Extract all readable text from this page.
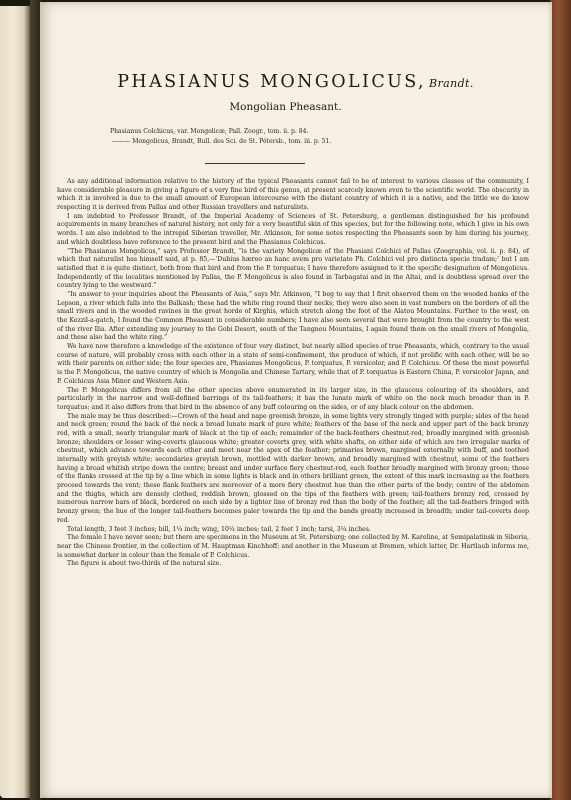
PHASIANUS MONGOLICUS, Brandt.
Mongolian Pheasant.
Phasianus Colchicus, var. Mongolicæ, Pall. Zoogr., tom. ii. p. 84.
——— Mongolicus, Brandt, Bull. des Sci. de St. Pétersb., tom. iii. p. 51.

As any additional information relative to the history of the typical Pheasants cannot fail to be of interest to various classes of the community, I have considerable pleasure in giving a figure of a very fine bird of this genus, at present scarcely known even to the scientific world. The obscurity in which it is involved is due to the small amount of European intercourse with the distant country of which it is a native, and the little we do know respecting it is derived from Pallas and other Russian travellers and naturalists.

I am indebted to Professor Brandt, of the Imperial Academy of Sciences of St. Petersburg, a gentleman distinguished for his profound acquirements in many branches of natural history, not only for a very beautiful skin of this species, but for the following note, which I give in his own words. I am also indebted to the intrepid Siberian traveller, Mr. Atkinson, for some notes respecting the Pheasants seen by him during his journey, and which doubtless have reference to the present bird and the Phasianus Colchicus.

“The Phasianus Mongolicus,” says Professor Brandt, “is the variety Mongolicæ of the Phasiani Colchici of Pallas (Zoographia, vol. ii. p. 84), of which that naturalist has himself said, at p. 85,—‘Dubius hæreo an hanc avem pro varietate Ph. Colchici vel pro distincta specie tradam;’ but I am satisfied that it is quite distinct, both from that bird and from the P. torquatus; I have therefore assigned to it the specific designation of Mongolicus. Independently of the localities mentioned by Pallas, the P. Mongolicus is also found in Tarbagatai and in the Altai, and is doubtless spread over the country lying to the westward.”

“In answer to your inquiries about the Pheasants of Asia,” says Mr. Atkinson, “I beg to say that I first observed them on the wooded banks of the Lepson, a river which falls into the Balkash; these had the white ring round their necks; they were also seen in vast numbers on the borders of all the small rivers and in the wooded ravines in the great horde of Kirghis, which stretch along the foot of the Alatou Mountains. Further to the west, on the Kezzil-a-gatch, I found the Common Pheasant in considerable numbers; I have also seen several that were brought from the country to the west of the river Ilia. After extending my journey to the Gobi Desert, south of the Tangnou Mountains, I again found them on the small rivers of Mongolia, and these also had the white ring.”

We have now therefore a knowledge of the existence of four very distinct, but nearly allied species of true Pheasants, which, contrary to the usual course of nature, will probably cross with each other in a state of semi-confinement, the produce of which, if not prolific with each other, will be so with their parents on either side; the four species are, Phasianus Mongolicus, P. torquatus, P. versicolor, and P. Colchicus. Of these the most powerful is the P. Mongolicus, the native country of which is Mongolia and Chinese Tartary, while that of P. torquatus is Eastern China, P. versicolor Japan, and P. Colchicus Asia Minor and Western Asia.

The P. Mongolicus differs from all the other species above enumerated in its larger size, in the glaucous colouring of its shoulders, and particularly in the narrow and well-defined barrings of its tail-feathers; it has the lunate mark of white on the neck much broader than in P. torquatus; and it also differs from that bird in the absence of any buff colouring on the sides, or of any black colour on the abdomen.

The male may be thus described:—Crown of the head and nape greenish bronze, in some lights very strongly tinged with purple; sides of the head and neck green; round the back of the neck a broad lunate mark of pure white; feathers of the base of the neck and upper part of the back bronzy red, with a small, nearly triangular mark of black at the tip of each; remainder of the back-feathers chestnut-red, broadly margined with greenish bronze; shoulders or lesser wing-coverts glaucous white; greater coverts grey, with white shafts, on either side of which are two irregular marks of chestnut, which advance towards each other and meet near the apex of the feather; primaries brown, margined externally with buff, and toothed internally with greyish white; secondaries greyish brown, mottled with darker brown, and broadly margined with chestnut, some of the feathers having a broad whitish stripe down the centre; breast and under surface fiery chestnut-red, each feather broadly margined with bronzy green; those of the flanks crossed at the tip by a line which in some lights is black and in others brilliant green, the extent of this mark increasing as the feathers proceed towards the vent; these flank feathers are moreover of a more fiery chestnut hue than the other parts of the body; centre of the abdomen and the thighs, which are densely clothed, reddish brown, glossed on the tips of the feathers with green; tail-feathers bronzy red, crossed by numerous narrow bars of black, bordered on each side by a lighter line of bronzy red than the body of the feather; all the tail-feathers fringed with bronzy green; the hue of the longer tail-feathers becomes paler towards the tip and the bands greatly increased in breadth; under tail-coverts deep red.

Total length, 3 feet 3 inches; bill, 1¼ inch; wing, 10¼ inches; tail, 2 feet 1 inch; tarsi, 3¼ inches.

The female I have never seen; but there are specimens in the Museum at St. Petersburg; one collected by M. Kareline, at Semipalatinsk in Siberia, near the Chinese frontier, in the collection of M. Hauptman Kinchhoff; and another in the Museum at Bremen, which latter, Dr. Hartlaub informs me, is somewhat darker in colour than the female of P. Colchicus.

The figure is about two-thirds of the natural size.
